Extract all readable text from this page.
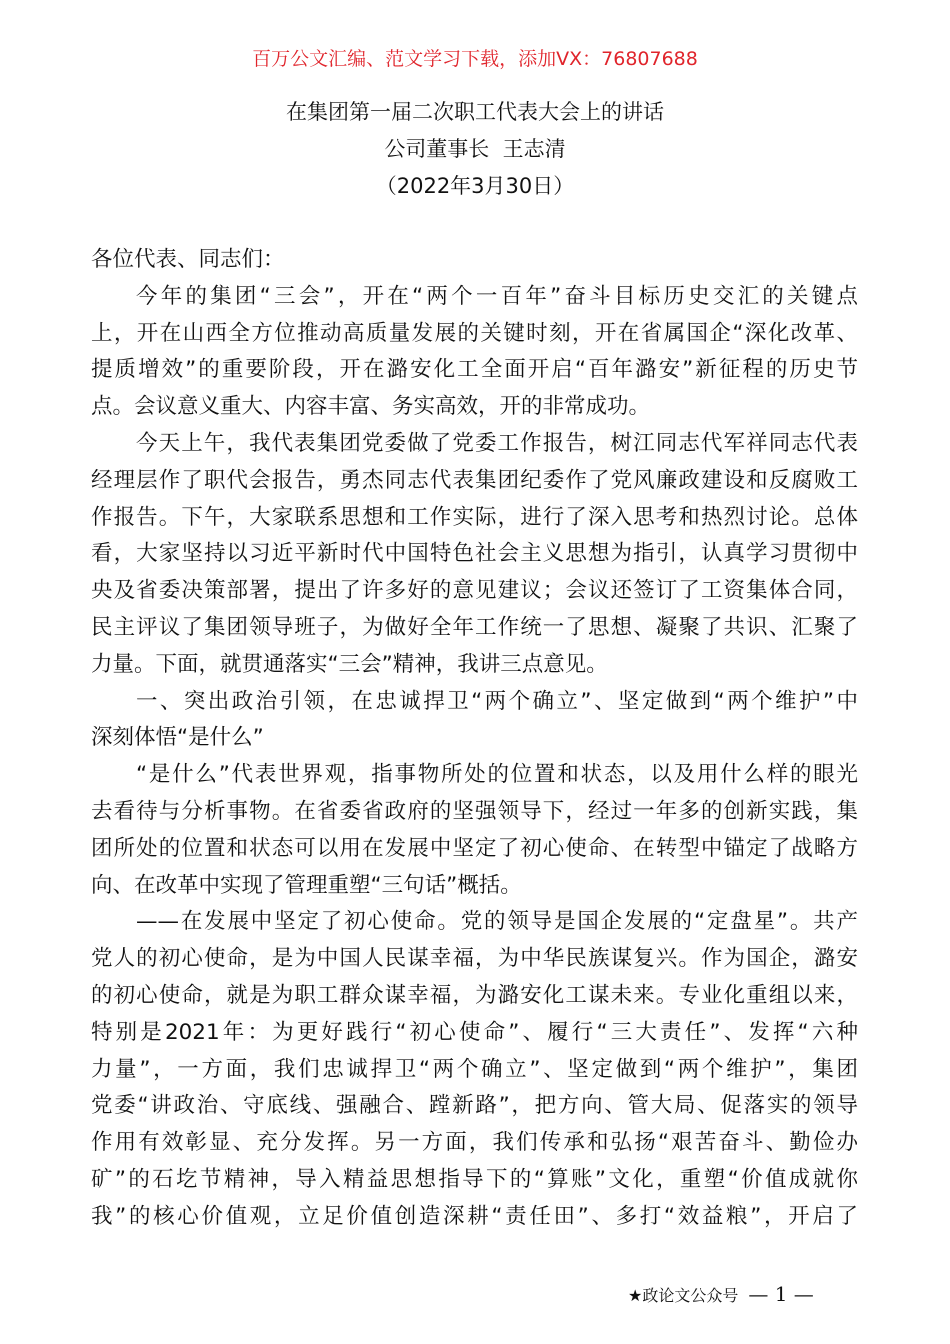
百万公文汇编、范文学习下载，添加VX：76807688
在集团第一届二次职工代表大会上的讲话
公司董事长  王志清
（2022年3月30日）
各位代表、同志们：
今年的集团“三会”，开在“两个一百年”奋斗目标历史交汇的关键点
上，开在山西全方位推动高质量发展的关键时刻，开在省属国企“深化改革、
提质增效”的重要阶段，开在潞安化工全面开启“百年潞安”新征程的历史节
点。会议意义重大、内容丰富、务实高效，开的非常成功。
今天上午，我代表集团党委做了党委工作报告，树江同志代军祥同志代表
经理层作了职代会报告，勇杰同志代表集团纪委作了党风廉政建设和反腐败工
作报告。下午，大家联系思想和工作实际，进行了深入思考和热烈讨论。总体
看，大家坚持以习近平新时代中国特色社会主义思想为指引，认真学习贯彻中
央及省委决策部署，提出了许多好的意见建议；会议还签订了工资集体合同，
民主评议了集团领导班子，为做好全年工作统一了思想、凝聚了共识、汇聚了
力量。下面，就贯通落实“三会”精神，我讲三点意见。
一、突出政治引领，在忠诚捍卫“两个确立”、坚定做到“两个维护”中
深刻体悟“是什么”
“是什么”代表世界观，指事物所处的位置和状态，以及用什么样的眼光
去看待与分析事物。在省委省政府的坚强领导下，经过一年多的创新实践，集
团所处的位置和状态可以用在发展中坚定了初心使命、在转型中锚定了战略方
向、在改革中实现了管理重塑“三句话”概括。
——在发展中坚定了初心使命。党的领导是国企发展的“定盘星”。共产
党人的初心使命，是为中国人民谋幸福，为中华民族谋复兴。作为国企，潞安
的初心使命，就是为职工群众谋幸福，为潞安化工谋未来。专业化重组以来，
特别是2021年：为更好践行“初心使命”、履行“三大责任”、发挥“六种
力量”，一方面，我们忠诚捍卫“两个确立”、坚定做到“两个维护”，集团
党委“讲政治、守底线、强融合、蹚新路”，把方向、管大局、促落实的领导
作用有效彰显、充分发挥。另一方面，我们传承和弘扬“艰苦奋斗、勤俭办
矿”的石圪节精神，导入精益思想指导下的“算账”文化，重塑“价值成就你
我”的核心价值观，立足价值创造深耕“责任田”、多打“效益粮”，开启了
★政论文公众号 — 1 —
